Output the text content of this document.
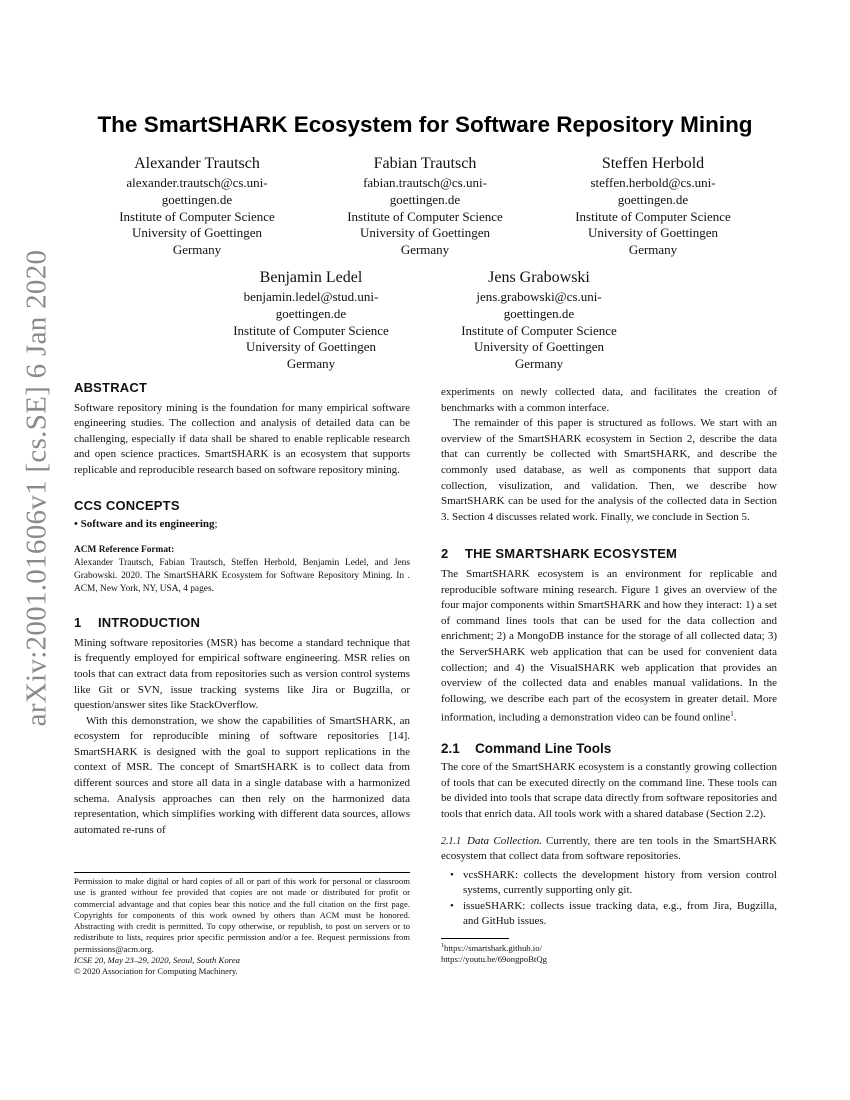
arXiv:2001.01606v1 [cs.SE] 6 Jan 2020
The SmartSHARK Ecosystem for Software Repository Mining
Alexander Trautsch
alexander.trautsch@cs.uni-
goettingen.de
Institute of Computer Science
University of Goettingen
Germany
Fabian Trautsch
fabian.trautsch@cs.uni-
goettingen.de
Institute of Computer Science
University of Goettingen
Germany
Steffen Herbold
steffen.herbold@cs.uni-
goettingen.de
Institute of Computer Science
University of Goettingen
Germany
Benjamin Ledel
benjamin.ledel@stud.uni-
goettingen.de
Institute of Computer Science
University of Goettingen
Germany
Jens Grabowski
jens.grabowski@cs.uni-
goettingen.de
Institute of Computer Science
University of Goettingen
Germany
ABSTRACT

Software repository mining is the foundation for many empirical software engineering studies. The collection and analysis of detailed data can be challenging, especially if data shall be shared to enable replicable research and open science practices. SmartSHARK is an ecosystem that supports replicable and reproducible research based on software repository mining.

CCS CONCEPTS

• Software and its engineering;

ACM Reference Format:

Alexander Trautsch, Fabian Trautsch, Steffen Herbold, Benjamin Ledel, and Jens Grabowski. 2020. The SmartSHARK Ecosystem for Software Repository Mining. In . ACM, New York, NY, USA, 4 pages.

1 INTRODUCTION

Mining software repositories (MSR) has become a standard technique that is frequently employed for empirical software engineering. MSR relies on tools that can extract data from repositories such as version control systems like Git or SVN, issue tracking systems like Jira or Bugzilla, or question/answer sites like StackOverflow.

With this demonstration, we show the capabilities of SmartSHARK, an ecosystem for reproducible mining of software repositories [14]. SmartSHARK is designed with the goal to support replications in the context of MSR. The concept of SmartSHARK is to collect data from different sources and store all data in a single database with a harmonized schema. Analysis approaches can then rely on the harmonized data representation, which simplifies working with different data sources, allows automated re-runs of

Permission to make digital or hard copies of all or part of this work for personal or classroom use is granted without fee provided that copies are not made or distributed for profit or commercial advantage and that copies bear this notice and the full citation on the first page. Copyrights for components of this work owned by others than ACM must be honored. Abstracting with credit is permitted. To copy otherwise, or republish, to post on servers or to redistribute to lists, requires prior specific permission and/or a fee. Request permissions from permissions@acm.org.

ICSE 20, May 23–29, 2020, Seoul, South Korea

© 2020 Association for Computing Machinery.

experiments on newly collected data, and facilitates the creation of benchmarks with a common interface.

The remainder of this paper is structured as follows. We start with an overview of the SmartSHARK ecosystem in Section 2, describe the data that can currently be collected with SmartSHARK, and describe the commonly used database, as well as components that support data collection, visulization, and validation. Then, we describe how SmartSHARK can be used for the analysis of the collected data in Section 3. Section 4 discusses related work. Finally, we conclude in Section 5.

2 THE SMARTSHARK ECOSYSTEM

The SmartSHARK ecosystem is an environment for replicable and reproducible software mining research. Figure 1 gives an overview of the four major components within SmartSHARK and how they interact: 1) a set of command lines tools that can be used for the data collection and enrichment; 2) a MongoDB instance for the storage of all collected data; 3) the ServerSHARK web application that can be used for convenient data collection; and 4) the VisualSHARK web application that provides an overview of the collected data and enables manual validations. In the following, we describe each part of the ecosystem in greater detail. More information, including a demonstration video can be found online$^1$.

2.1 Command Line Tools

The core of the SmartSHARK ecosystem is a constantly growing collection of tools that can be executed directly on the command line. These tools can be divided into tools that scrape data directly from software repositories and tools that enrich data. All tools work with a shared database (Section 2.2).

2.1.1 Data Collection. Currently, there are ten tools in the SmartSHARK ecosystem that collect data from software repositories.

• vcsSHARK: collects the development history from version control systems, currently supporting only git.
• issueSHARK: collects issue tracking data, e.g., from Jira, Bugzilla, and GitHub issues.

$^1$https://smartshark.github.io/

https://youtu.be/69ongpoBtQg
